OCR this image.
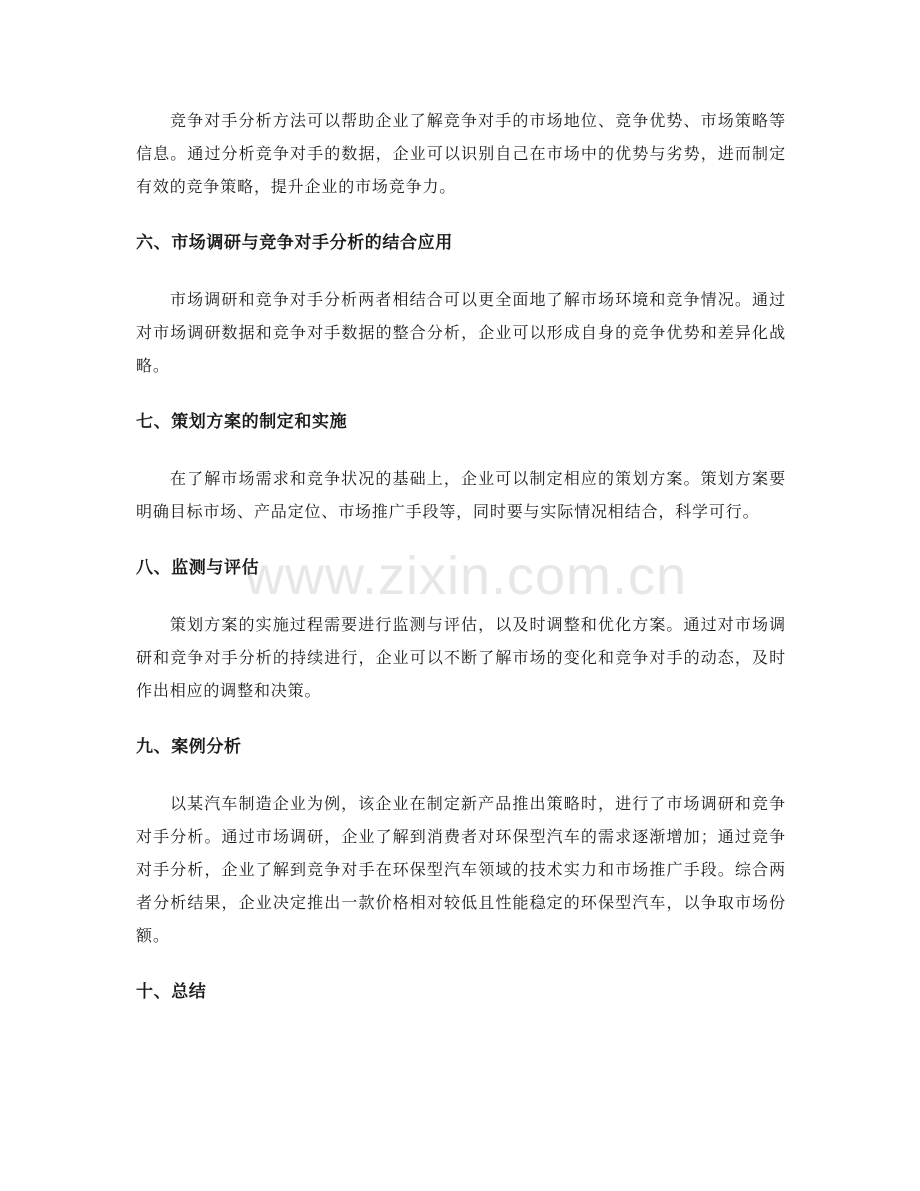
竞争对手分析方法可以帮助企业了解竞争对手的市场地位、竞争优势、市场策略等信息。通过分析竞争对手的数据，企业可以识别自己在市场中的优势与劣势，进而制定有效的竞争策略，提升企业的市场竞争力。

六、市场调研与竞争对手分析的结合应用

市场调研和竞争对手分析两者相结合可以更全面地了解市场环境和竞争情况。通过对市场调研数据和竞争对手数据的整合分析，企业可以形成自身的竞争优势和差异化战略。

七、策划方案的制定和实施

在了解市场需求和竞争状况的基础上，企业可以制定相应的策划方案。策划方案要明确目标市场、产品定位、市场推广手段等，同时要与实际情况相结合，科学可行。

八、监测与评估

策划方案的实施过程需要进行监测与评估，以及时调整和优化方案。通过对市场调研和竞争对手分析的持续进行，企业可以不断了解市场的变化和竞争对手的动态，及时作出相应的调整和决策。

九、案例分析

以某汽车制造企业为例，该企业在制定新产品推出策略时，进行了市场调研和竞争对手分析。通过市场调研，企业了解到消费者对环保型汽车的需求逐渐增加；通过竞争对手分析，企业了解到竞争对手在环保型汽车领域的技术实力和市场推广手段。综合两者分析结果，企业决定推出一款价格相对较低且性能稳定的环保型汽车，以争取市场份额。

十、总结
www.zixin.com.cn
